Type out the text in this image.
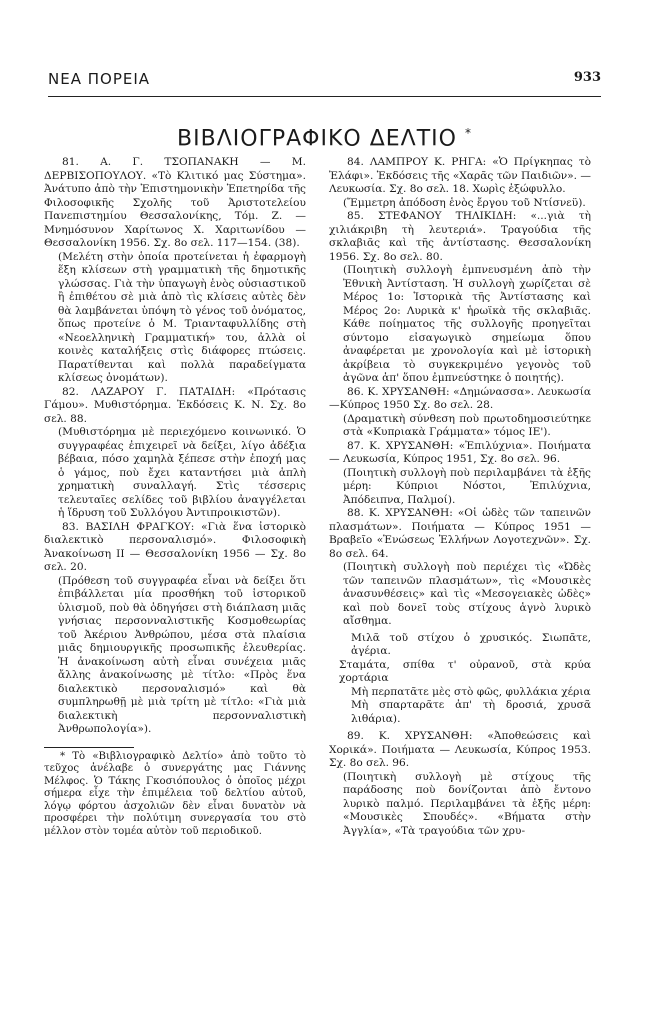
ΝΕΑ ΠΟΡΕΙΑ	933
ΒΙΒΛΙΟΓΡΑΦΙΚΟ ΔΕΛΤΙΟ *

81. Α. Γ. ΤΣΟΠΑΝΑΚΗ — Μ. ΔΕΡΒΙΣΟΠΟΥΛΟΥ. «Τὸ Κλιτικό μας Σύστημα». Ἀνάτυπο ἀπὸ τὴν Ἐπιστημονικὴν Ἐπετηρίδα τῆς Φιλοσοφικῆς Σχολῆς τοῦ Ἀριστοτελείου Πανεπιστημίου Θεσσαλονίκης, Τόμ. Ζ. — Μνημόσυνον Χαρίτωνος Χ. Χαριτωνίδου — Θεσσαλονίκη 1956. Σχ. 8ο σελ. 117—154. (38).

(Μελέτη στὴν ὁποία προτείνεται ἡ ἐφαρμογὴ ἕξη κλίσεων στὴ γραμματικὴ τῆς δημοτικῆς γλώσσας. Γιὰ τὴν ὑπαγωγὴ ἑνὸς οὐσιαστικοῦ ἢ ἐπιθέτου σὲ μιὰ ἀπὸ τὶς κλίσεις αὐτὲς δὲν θὰ λαμβάνεται ὑπόψη τὸ γένος τοῦ ὀνόματος, ὅπως προτείνε ὁ Μ. Τριανταφυλλίδης στὴ «Νεοελληνικὴ Γραμματική» του, ἀλλὰ οἱ κοινὲς καταλήξεις στὶς διάφορες πτώσεις. Παρατίθενται καὶ πολλὰ παραδείγματα κλίσεως ὀνομάτων).

82. ΛΑΖΑΡΟΥ Γ. ΠΑΤΑΙΔΗ: «Πρότασις Γάμου». Μυθιστόρημα. Ἐκδόσεις Κ. Ν. Σχ. 8ο σελ. 88.

(Μυθιστόρημα μὲ περιεχόμενο κοινωνικό. Ὁ συγγραφέας ἐπιχειρεῖ νὰ δείξει, λίγο ἀδέξια βέβαια, πόσο χαμηλὰ ξέπεσε στὴν ἐποχή μας ὁ γάμος, ποὺ ἔχει καταντήσει μιὰ ἁπλὴ χρηματικὴ συναλλαγή. Στὶς τέσσερις τελευταῖες σελίδες τοῦ βιβλίου ἀναγγέλεται ἡ ἵδρυση τοῦ Συλλόγου Ἀντιπροικιστῶν).

83. ΒΑΣΙΛΗ ΦΡΑΓΚΟΥ: «Γιὰ ἕνα ἰστορικὸ διαλεκτικὸ περσοναλισμό». Φιλοσοφικὴ Ἀνακοίνωση ΙΙ — Θεσσαλονίκη 1956 — Σχ. 8ο σελ. 20.

(Πρόθεση τοῦ συγγραφέα εἶναι νὰ δείξει ὅτι ἐπιβάλλεται μία προσθήκη τοῦ ἱστορικοῦ ὑλισμοῦ, ποὺ θὰ ὁδηγήσει στὴ διάπλαση μιᾶς γνήσιας περσονναλιστικῆς Κοσμοθεωρίας τοῦ Ἀκέριου Ἀνθρώπου, μέσα στὰ πλαίσια μιᾶς δημιουργικῆς προσωπικῆς ἐλευθερίας. Ἡ ἀνακοίνωση αὐτὴ εἶναι συνέχεια μιᾶς ἄλλης ἀνακοίνωσης μὲ τίτλο: «Πρὸς ἕνα διαλεκτικὸ περσοναλισμό» καὶ θὰ συμπληρωθῇ μὲ μιὰ τρίτη μὲ τίτλο: «Γιὰ μιὰ διαλεκτικὴ περσονναλιστικὴ Ἀνθρωπολογία»).

* Τὸ «Βιβλιογραφικὸ Δελτίο» ἀπὸ τοῦτο τὸ τεῦχος ἀνέλαβε ὁ συνεργάτης μας Γιάννης Μέλφος. Ὁ Τάκης Γκοσιόπουλος ὁ ὁποῖος μέχρι σήμερα εἶχε τὴν ἐπιμέλεια τοῦ δελτίου αὐτοῦ, λόγῳ φόρτου ἀσχολιῶν δὲν εἶναι δυνατὸν νὰ προσφέρει τὴν πολύτιμη συνεργασία του στὸ μέλλον στὸν τομέα αὐτὸν τοῦ περιοδικοῦ.

84. ΛΑΜΠΡΟΥ Κ. ΡΗΓΑ: «Ὁ Πρίγκηπας τὸ Ἐλάφι». Ἐκδόσεις τῆς «Χαρᾶς τῶν Παιδιῶν». — Λευκωσία. Σχ. 8ο σελ. 18. Χωρὶς ἐξώφυλλο.

(Ἔμμετρη ἀπόδοση ἑνὸς ἔργου τοῦ Ντίσνεϋ).

85. ΣΤΕΦΑΝΟΥ ΤΗΛΙΚΙΔΗ: «...γιὰ τὴ χιλιάκριβη τὴ λευτεριά». Τραγούδια τῆς σκλαβιᾶς καὶ τῆς ἀντίστασης. Θεσσαλονίκη 1956. Σχ. 8ο σελ. 80.

(Ποιητικὴ συλλογὴ ἐμπνευσμένη ἀπὸ τὴν Ἐθνικὴ Ἀντίσταση. Ἡ συλλογὴ χωρίζεται σὲ Μέρος 1ο: Ἱστορικὰ τῆς Ἀντίστασης καὶ Μέρος 2ο: Λυρικὰ κ' ἡρωϊκὰ τῆς σκλαβιᾶς. Κάθε ποίηματος τῆς συλλογῆς προηγεῖται σύντομο εἰσαγωγικὸ σημείωμα ὅπου ἀναφέρεται με χρονολογία καὶ μὲ ἱστορικὴ ἀκρίβεια τὸ συγκεκριμένο γεγονὸς τοῦ ἀγῶνα ἀπ' ὅπου ἐμπνεύστηκε ὁ ποιητής).

86. Κ. ΧΡΥΣΑΝΘΗ: «Δημώνασσα». Λευκωσία—Κύπρος 1950 Σχ. 8ο σελ. 28.

(Δραματικὴ σύνθεση ποὺ πρωτοδημοσιεύτηκε στὰ «Κυπριακὰ Γράμματα» τόμος ΙΕ').

87. Κ. ΧΡΥΣΑΝΘΗ: «Ἐπιλύχνια». Ποιήματα — Λευκωσία, Κύπρος 1951, Σχ. 8ο σελ. 96.

(Ποιητικὴ συλλογὴ ποὺ περιλαμβάνει τὰ ἑξῆς μέρη: Κύπριοι Νόστοι, Ἐπιλύχνια, Ἀπόδειπνα, Παλμοί).

88. Κ. ΧΡΥΣΑΝΘΗ: «Οἱ ὠδὲς τῶν ταπεινῶν πλασμάτων». Ποιήματα — Κύπρος 1951 — Βραβεῖο «Ἑνώσεως Ἑλλήνων Λογοτεχνῶν». Σχ. 8ο σελ. 64.

(Ποιητικὴ συλλογὴ ποὺ περιέχει τὶς «Ὠδὲς τῶν ταπεινῶν πλασμάτων», τὶς «Μουσικὲς ἀνασυνθέσεις» καὶ τὶς «Μεσογειακὲς ὠδὲς» καὶ ποὺ δονεῖ τοὺς στίχους ἁγνὸ λυρικὸ αἴσθημα.

Μιλᾶ τοῦ στίχου ὁ χρυσικός. Σιωπᾶτε, ἀγέρια.

Σταμάτα, σπίθα τ' οὐρανοῦ, στὰ κρύα χορτάρια

Μὴ περπατᾶτε μὲς στὸ φῶς, φυλλάκια χέρια

Μὴ σπαρταρᾶτε ἀπ' τὴ δροσιά, χρυσᾶ λιθάρια).

89. Κ. ΧΡΥΣΑΝΘΗ: «Ἀποθεώσεις καὶ Χορικά». Ποιήματα — Λευκωσία, Κύπρος 1953. Σχ. 8ο σελ. 96.

(Ποιητικὴ συλλογὴ μὲ στίχους τῆς παράδοσης ποὺ δονίζονται ἀπὸ ἔντονο λυρικὸ παλμό. Περιλαμβάνει τὰ ἑξῆς μέρη: «Μουσικὲς Σπουδές». «Βήματα στὴν Ἀγγλία», «Τὰ τραγούδια τῶν χρυ-
